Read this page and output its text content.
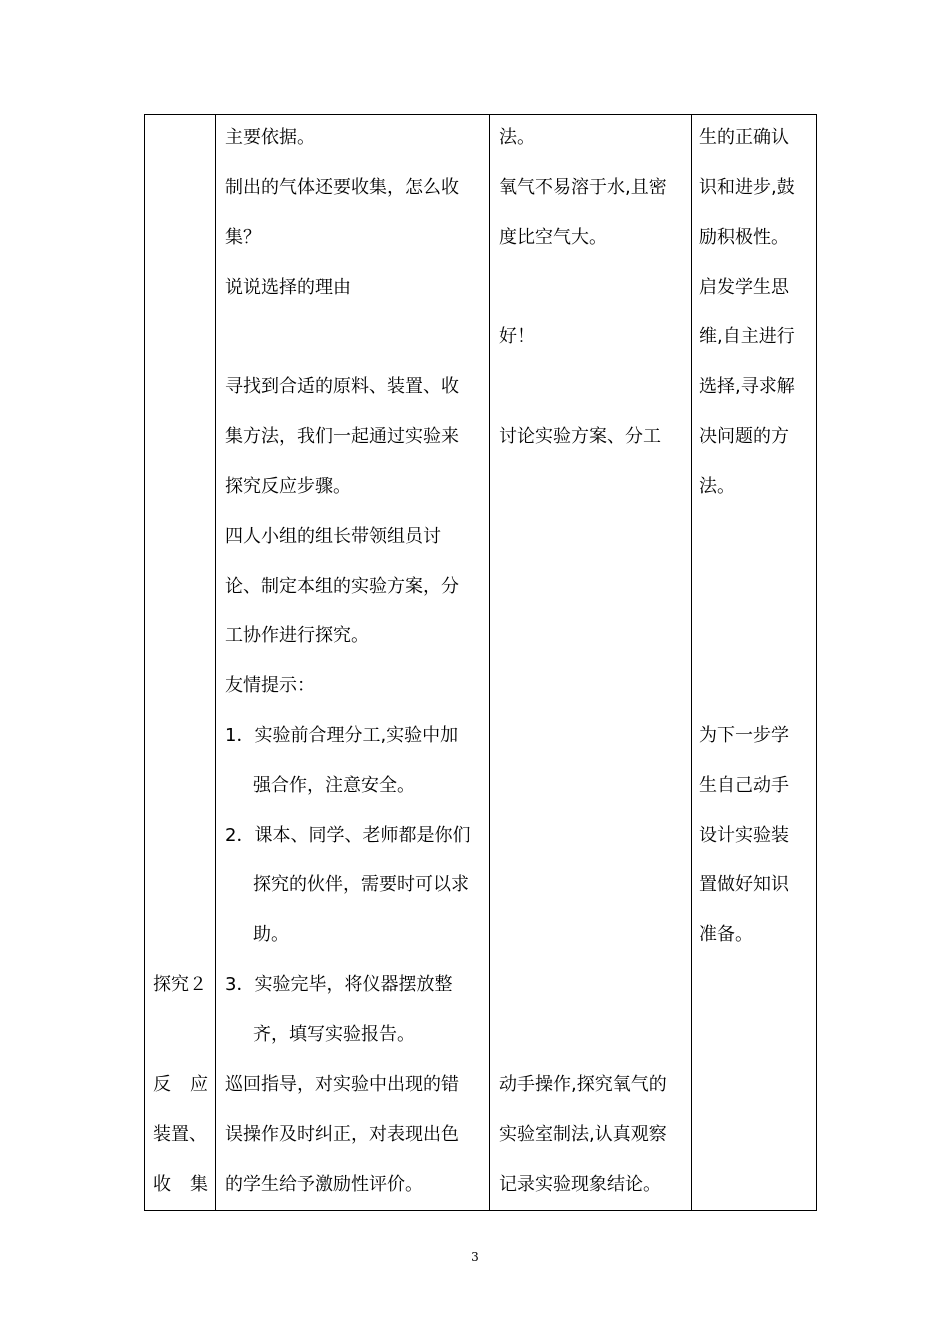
探究２
反 应
装置、
收 集
主要依据。
制出的气体还要收集，怎么收
集？
说说选择的理由
寻找到合适的原料、装置、收
集方法，我们一起通过实验来
探究反应步骤。
四人小组的组长带领组员讨
论、制定本组的实验方案，分
工协作进行探究。
友情提示：
1．实验前合理分工,实验中加
强合作，注意安全。
2．课本、同学、老师都是你们
探究的伙伴，需要时可以求
助。
3．实验完毕，将仪器摆放整
齐，填写实验报告。
巡回指导，对实验中出现的错
误操作及时纠正，对表现出色
的学生给予激励性评价。
法。
氧气不易溶于水,且密
度比空气大。
好！
讨论实验方案、分工
动手操作,探究氧气的
实验室制法,认真观察
记录实验现象结论。
生的正确认
识和进步,鼓
励积极性。
启发学生思
维,自主进行
选择,寻求解
决问题的方
法。
为下一步学
生自己动手
设计实验装
置做好知识
准备。
3
